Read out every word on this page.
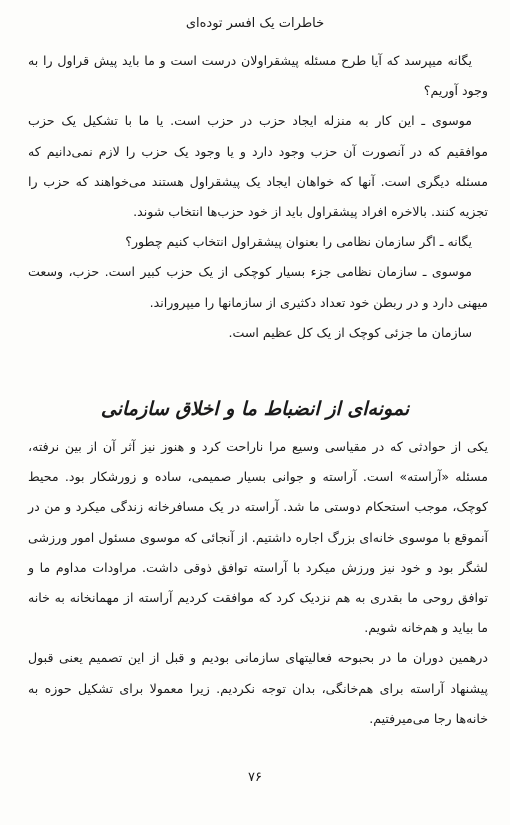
خاطرات یک افسر توده‌ای

یگانه میپرسد که آیا طرح مسئله پیشقراولان درست است و ما باید پیش قراول را به وجود آوریم؟

موسوی ـ این کار به منزله ایجاد حزب در حزب است. یا ما با تشکیل یک حزب موافقیم که در آنصورت آن حزب وجود دارد و یا وجود یک حزب را لازم نمی‌دانیم که مسئله دیگری است. آنها که خواهان ایجاد یک پیشقراول هستند می‌خواهند که حزب را تجزیه کنند. بالاخره افراد پیشقراول باید از خود حزب‌ها انتخاب شوند.

یگانه ـ اگر سازمان نظامی را بعنوان پیشقراول انتخاب کنیم چطور؟

موسوی ـ سازمان نظامی جزء بسیار کوچکی از یک حزب کبیر است. حزب، وسعت میهنی دارد و در ربطن خود تعداد دکثیری از سازمانها را میپروراند.

سازمان ما جزئی کوچک از یک کل عظیم است.

نمونه‌ای از انضباط ما و اخلاق سازمانی

یکی از حوادثی که در مقیاسی وسیع مرا ناراحت کرد و هنوز نیز آثر آن از بین نرفته، مسئله «آراسته» است. آراسته و جوانی بسیار صمیمی، ساده و زورشکار بود. محیط کوچک، موجب استحکام دوستی ما شد. آراسته در یک مسافرخانه زندگی میکرد و من در آنموقع با موسوی خانه‌ای بزرگ اجاره داشتیم. از آنجائی که موسوی مسئول امور ورزشی لشگر بود و خود نیز ورزش میکرد با آراسته توافق ذوقی داشت. مراودات مداوم ما و توافق روحی ما بقدری به هم نزدیک کرد که موافقت کردیم آراسته از مهمانخانه به خانه ما بیاید و هم‌خانه شویم.

درهمین دوران ما در بحبوحه فعالیتهای سازمانی بودیم و قبل از این تصمیم یعنی قبول پیشنهاد آراسته برای هم‌خانگی، بدان توجه نکردیم. زیرا معمولا برای تشکیل حوزه به خانه‌ها رجا می‌میرفتیم.

۷۶
